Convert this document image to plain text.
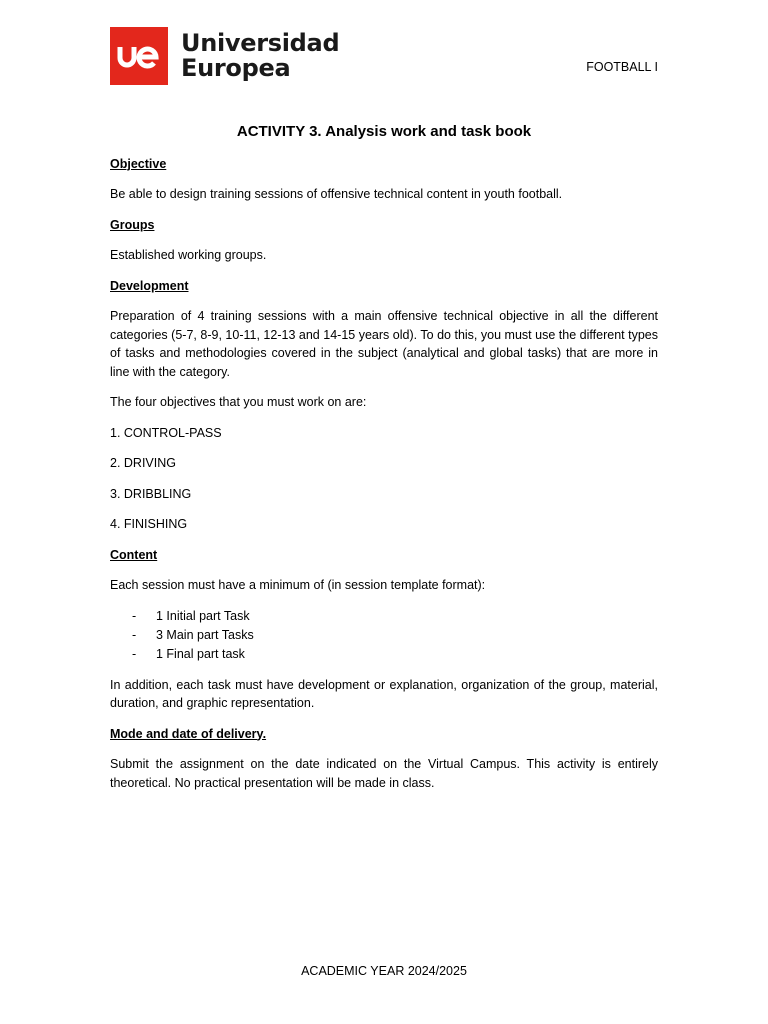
Universidad
Europea	FOOTBALL I
ACTIVITY 3. Analysis work and task book
Objective

Be able to design training sessions of offensive technical content in youth football.

Groups

Established working groups.

Development

Preparation of 4 training sessions with a main offensive technical objective in all the different categories (5-7, 8-9, 10-11, 12-13 and 14-15 years old). To do this, you must use the different types of tasks and methodologies covered in the subject (analytical and global tasks) that are more in line with the category.

The four objectives that you must work on are:

1. CONTROL-PASS

2. DRIVING

3. DRIBBLING

4. FINISHING

Content

Each session must have a minimum of (in session template format):

- 1 Initial part Task
- 3 Main part Tasks
- 1 Final part task

In addition, each task must have development or explanation, organization of the group, material, duration, and graphic representation.

Mode and date of delivery.

Submit the assignment on the date indicated on the Virtual Campus. This activity is entirely theoretical. No practical presentation will be made in class.

ACADEMIC YEAR 2024/2025
